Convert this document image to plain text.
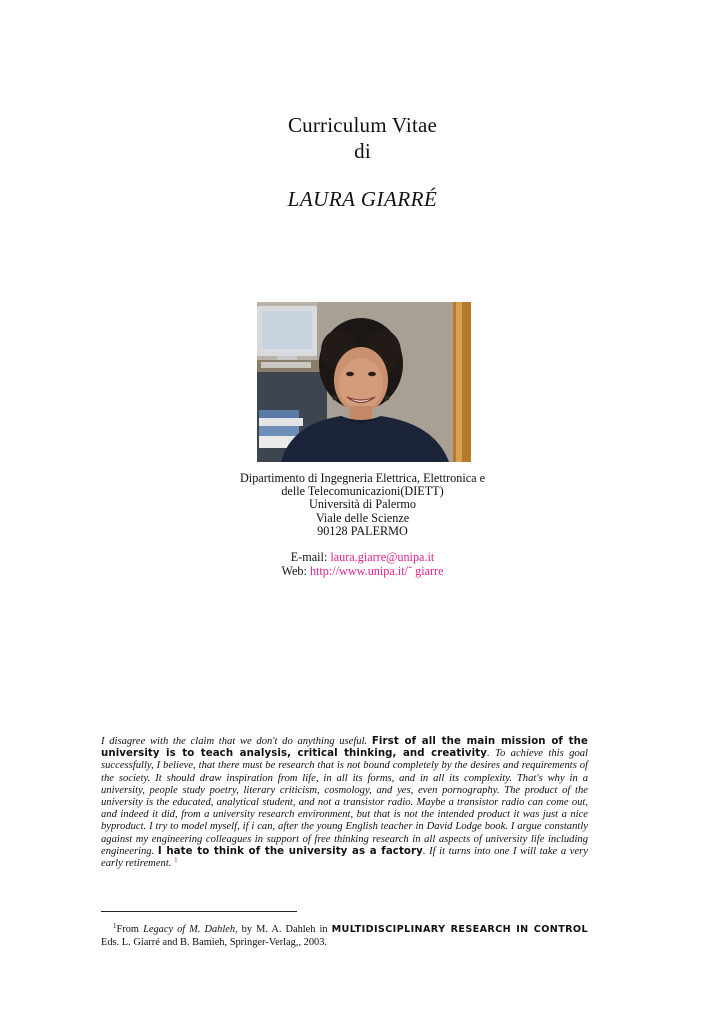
Curriculum Vitae
di
LAURA GIARRÉ
Dipartimento di Ingegneria Elettrica, Elettronica e
delle Telecomunicazioni(DIETT)
Università di Palermo
Viale delle Scienze
90128 PALERMO
E-mail: laura.giarre@unipa.it
Web: http://www.unipa.it/˜ giarre
I disagree with the claim that we don't do anything useful. First of all the main mission of the university is to teach analysis, critical thinking, and creativity. To achieve this goal successfully, I believe, that there must be research that is not bound completely by the desires and requirements of the society. It should draw inspiration from life, in all its forms, and in all its complexity. That's why in a university, people study poetry, literary criticism, cosmology, and yes, even pornography. The product of the university is the educated, analytical student, and not a transistor radio. Maybe a transistor radio can come out, and indeed it did, from a university research environment, but that is not the intended product it was just a nice byproduct. I try to model myself, if i can, after the young English teacher in David Lodge book. I argue constantly against my engineering colleagues in support of free thinking research in all aspects of university life including engineering. I hate to think of the university as a factory. If it turns into one I will take a very early retirement. $^1$
$^1$From Legacy of M. Dahleh, by M. A. Dahleh in MULTIDISCIPLINARY RESEARCH IN CONTROL Eds. L. Giarré and B. Bamieh, Springer-Verlag,, 2003.
